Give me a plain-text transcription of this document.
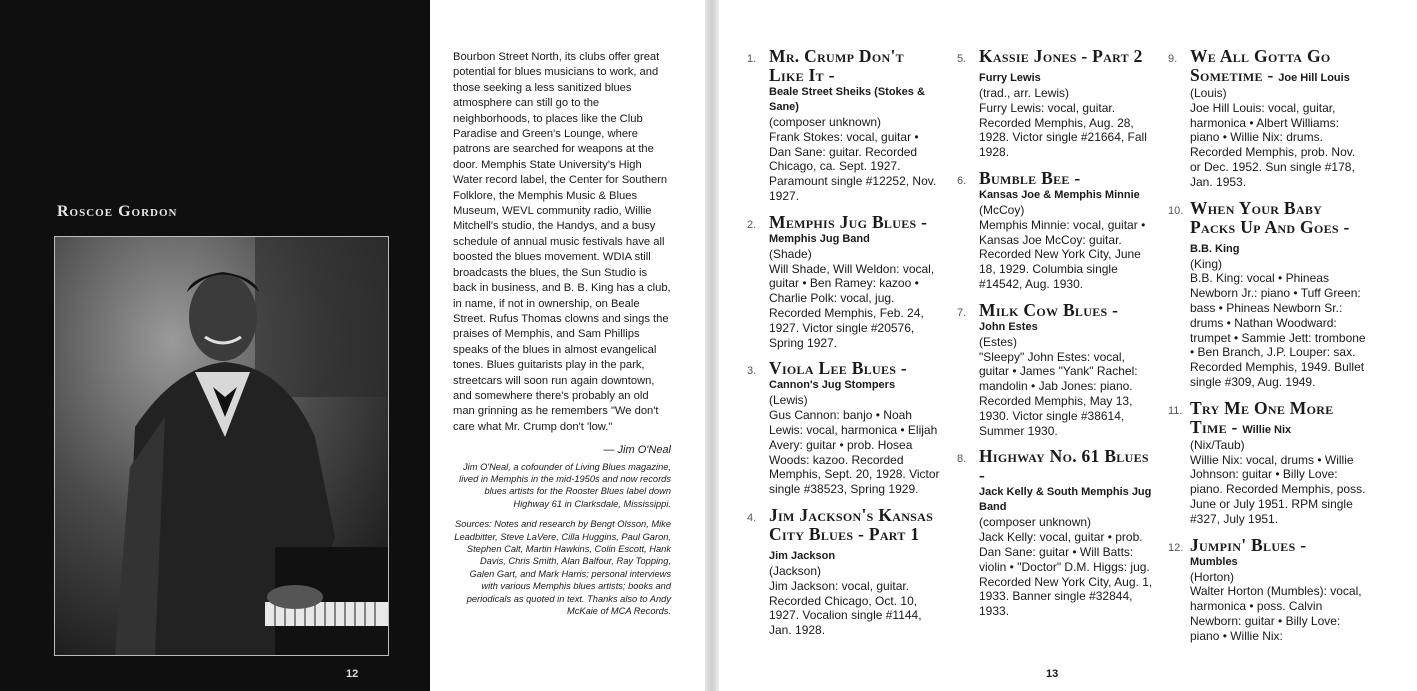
Roscoe Gordon
12

Bourbon Street North, its clubs offer great potential for blues musicians to work, and those seeking a less sanitized blues atmosphere can still go to the neighborhoods, to places like the Club Paradise and Green's Lounge, where patrons are searched for weapons at the door. Memphis State University's High Water record label, the Center for Southern Folklore, the Memphis Music & Blues Museum, WEVL community radio, Willie Mitchell's studio, the Handys, and a busy schedule of annual music festivals have all boosted the blues movement. WDIA still broadcasts the blues, the Sun Studio is back in business, and B. B. King has a club, in name, if not in ownership, on Beale Street. Rufus Thomas clowns and sings the praises of Memphis, and Sam Phillips speaks of the blues in almost evangelical tones. Blues guitarists play in the park, streetcars will soon run again downtown, and somewhere there's probably an old man grinning as he remembers "We don't care what Mr. Crump don't 'low."

— Jim O'Neal
Jim O'Neal, a cofounder of Living Blues magazine, lived in Memphis in the mid-1950s and now records blues artists for the Rooster Blues label down Highway 61 in Clarksdale, Mississippi.
Sources: Notes and research by Bengt Olsson, Mike Leadbitter, Steve LaVere, Cilla Huggins, Paul Garon, Stephen Calt, Martin Hawkins, Colin Escott, Hank Davis, Chris Smith, Alan Balfour, Ray Topping, Galen Gart, and Mark Harris; personal interviews with various Memphis blues artists; books and periodicals as quoted in text. Thanks also to Andy McKaie of MCA Records.
1. Mr. Crump Don't Like It -
Beale Street Sheiks (Stokes & Sane)
(composer unknown)
Frank Stokes: vocal, guitar • Dan Sane: guitar. Recorded Chicago, ca. Sept. 1927. Paramount single #12252, Nov. 1927.
2. Memphis Jug Blues -
Memphis Jug Band
(Shade)
Will Shade, Will Weldon: vocal, guitar • Ben Ramey: kazoo • Charlie Polk: vocal, jug. Recorded Memphis, Feb. 24, 1927. Victor single #20576, Spring 1927.
3. Viola Lee Blues -
Cannon's Jug Stompers
(Lewis)
Gus Cannon: banjo • Noah Lewis: vocal, harmonica • Elijah Avery: guitar • prob. Hosea Woods: kazoo. Recorded Memphis, Sept. 20, 1928. Victor single #38523, Spring 1929.
4. Jim Jackson's Kansas City Blues - Part 1 Jim Jackson
(Jackson)
Jim Jackson: vocal, guitar. Recorded Chicago, Oct. 10, 1927. Vocalion single #1144, Jan. 1928.
5. Kassie Jones - Part 2 Furry Lewis
(trad., arr. Lewis)
Furry Lewis: vocal, guitar. Recorded Memphis, Aug. 28, 1928. Victor single #21664, Fall 1928.
6. Bumble Bee -
Kansas Joe & Memphis Minnie
(McCoy)
Memphis Minnie: vocal, guitar • Kansas Joe McCoy: guitar. Recorded New York City, June 18, 1929. Columbia single #14542, Aug. 1930.
7. Milk Cow Blues -
John Estes
(Estes)
"Sleepy" John Estes: vocal, guitar • James "Yank" Rachel: mandolin • Jab Jones: piano. Recorded Memphis, May 13, 1930. Victor single #38614, Summer 1930.
8. Highway No. 61 Blues -
Jack Kelly & South Memphis Jug Band
(composer unknown)
Jack Kelly: vocal, guitar • prob. Dan Sane: guitar • Will Batts: violin • "Doctor" D.M. Higgs: jug. Recorded New York City, Aug. 1, 1933. Banner single #32844, 1933.
9. We All Gotta Go Sometime - Joe Hill Louis
(Louis)
Joe Hill Louis: vocal, guitar, harmonica • Albert Williams: piano • Willie Nix: drums. Recorded Memphis, prob. Nov. or Dec. 1952. Sun single #178, Jan. 1953.
10. When Your Baby Packs Up And Goes - B.B. King
(King)
B.B. King: vocal • Phineas Newborn Jr.: piano • Tuff Green: bass • Phineas Newborn Sr.: drums • Nathan Woodward: trumpet • Sammie Jett: trombone • Ben Branch, J.P. Louper: sax. Recorded Memphis, 1949. Bullet single #309, Aug. 1949.
11. Try Me One More Time - Willie Nix
(Nix/Taub)
Willie Nix: vocal, drums • Willie Johnson: guitar • Billy Love: piano. Recorded Memphis, poss. June or July 1951. RPM single #327, July 1951.
12. Jumpin' Blues -
Mumbles
(Horton)
Walter Horton (Mumbles): vocal, harmonica • poss. Calvin Newborn: guitar • Billy Love: piano • Willie Nix:
13
